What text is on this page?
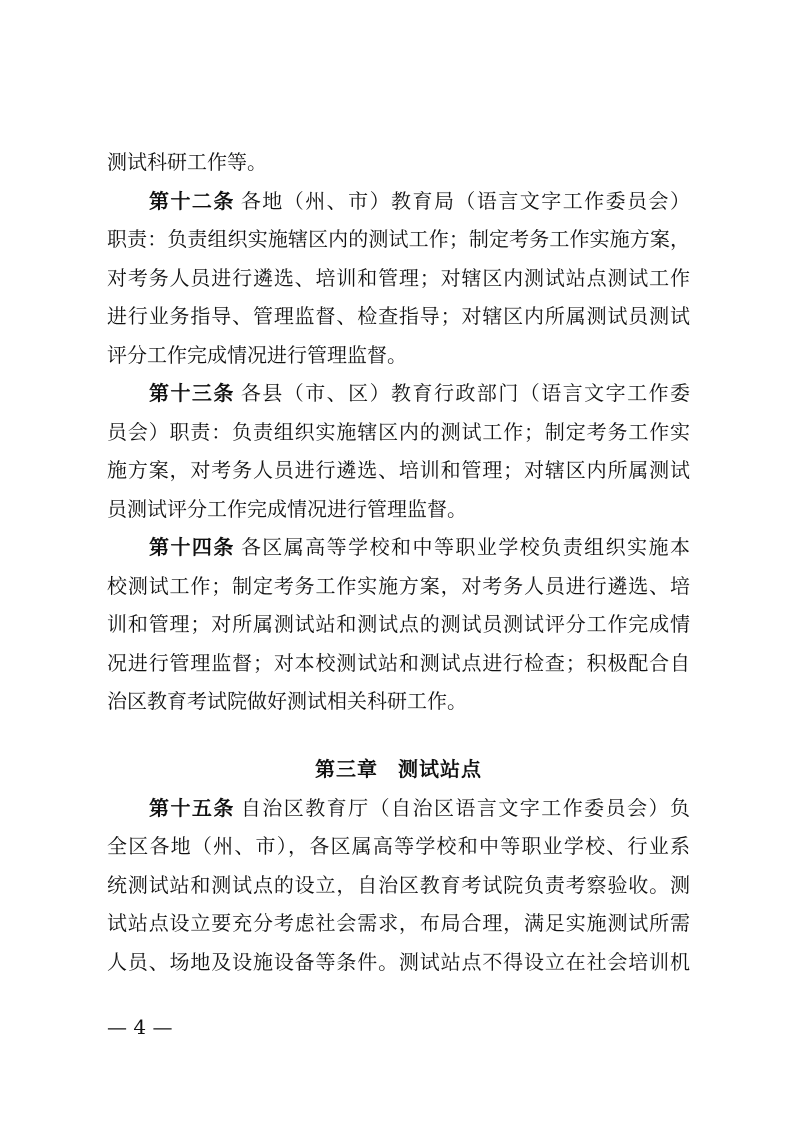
测试科研工作等。
第十二条 各地（州、市）教育局（语言文字工作委员会）
职责：负责组织实施辖区内的测试工作；制定考务工作实施方案，
对考务人员进行遴选、培训和管理；对辖区内测试站点测试工作
进行业务指导、管理监督、检查指导；对辖区内所属测试员测试
评分工作完成情况进行管理监督。
第十三条 各县（市、区）教育行政部门（语言文字工作委
员会）职责：负责组织实施辖区内的测试工作；制定考务工作实
施方案，对考务人员进行遴选、培训和管理；对辖区内所属测试
员测试评分工作完成情况进行管理监督。
第十四条 各区属高等学校和中等职业学校负责组织实施本
校测试工作；制定考务工作实施方案，对考务人员进行遴选、培
训和管理；对所属测试站和测试点的测试员测试评分工作完成情
况进行管理监督；对本校测试站和测试点进行检查；积极配合自
治区教育考试院做好测试相关科研工作。
第三章 测试站点
第十五条 自治区教育厅（自治区语言文字工作委员会）负
全区各地（州、市），各区属高等学校和中等职业学校、行业系
统测试站和测试点的设立，自治区教育考试院负责考察验收。测
试站点设立要充分考虑社会需求，布局合理，满足实施测试所需
人员、场地及设施设备等条件。测试站点不得设立在社会培训机
— 4 —
